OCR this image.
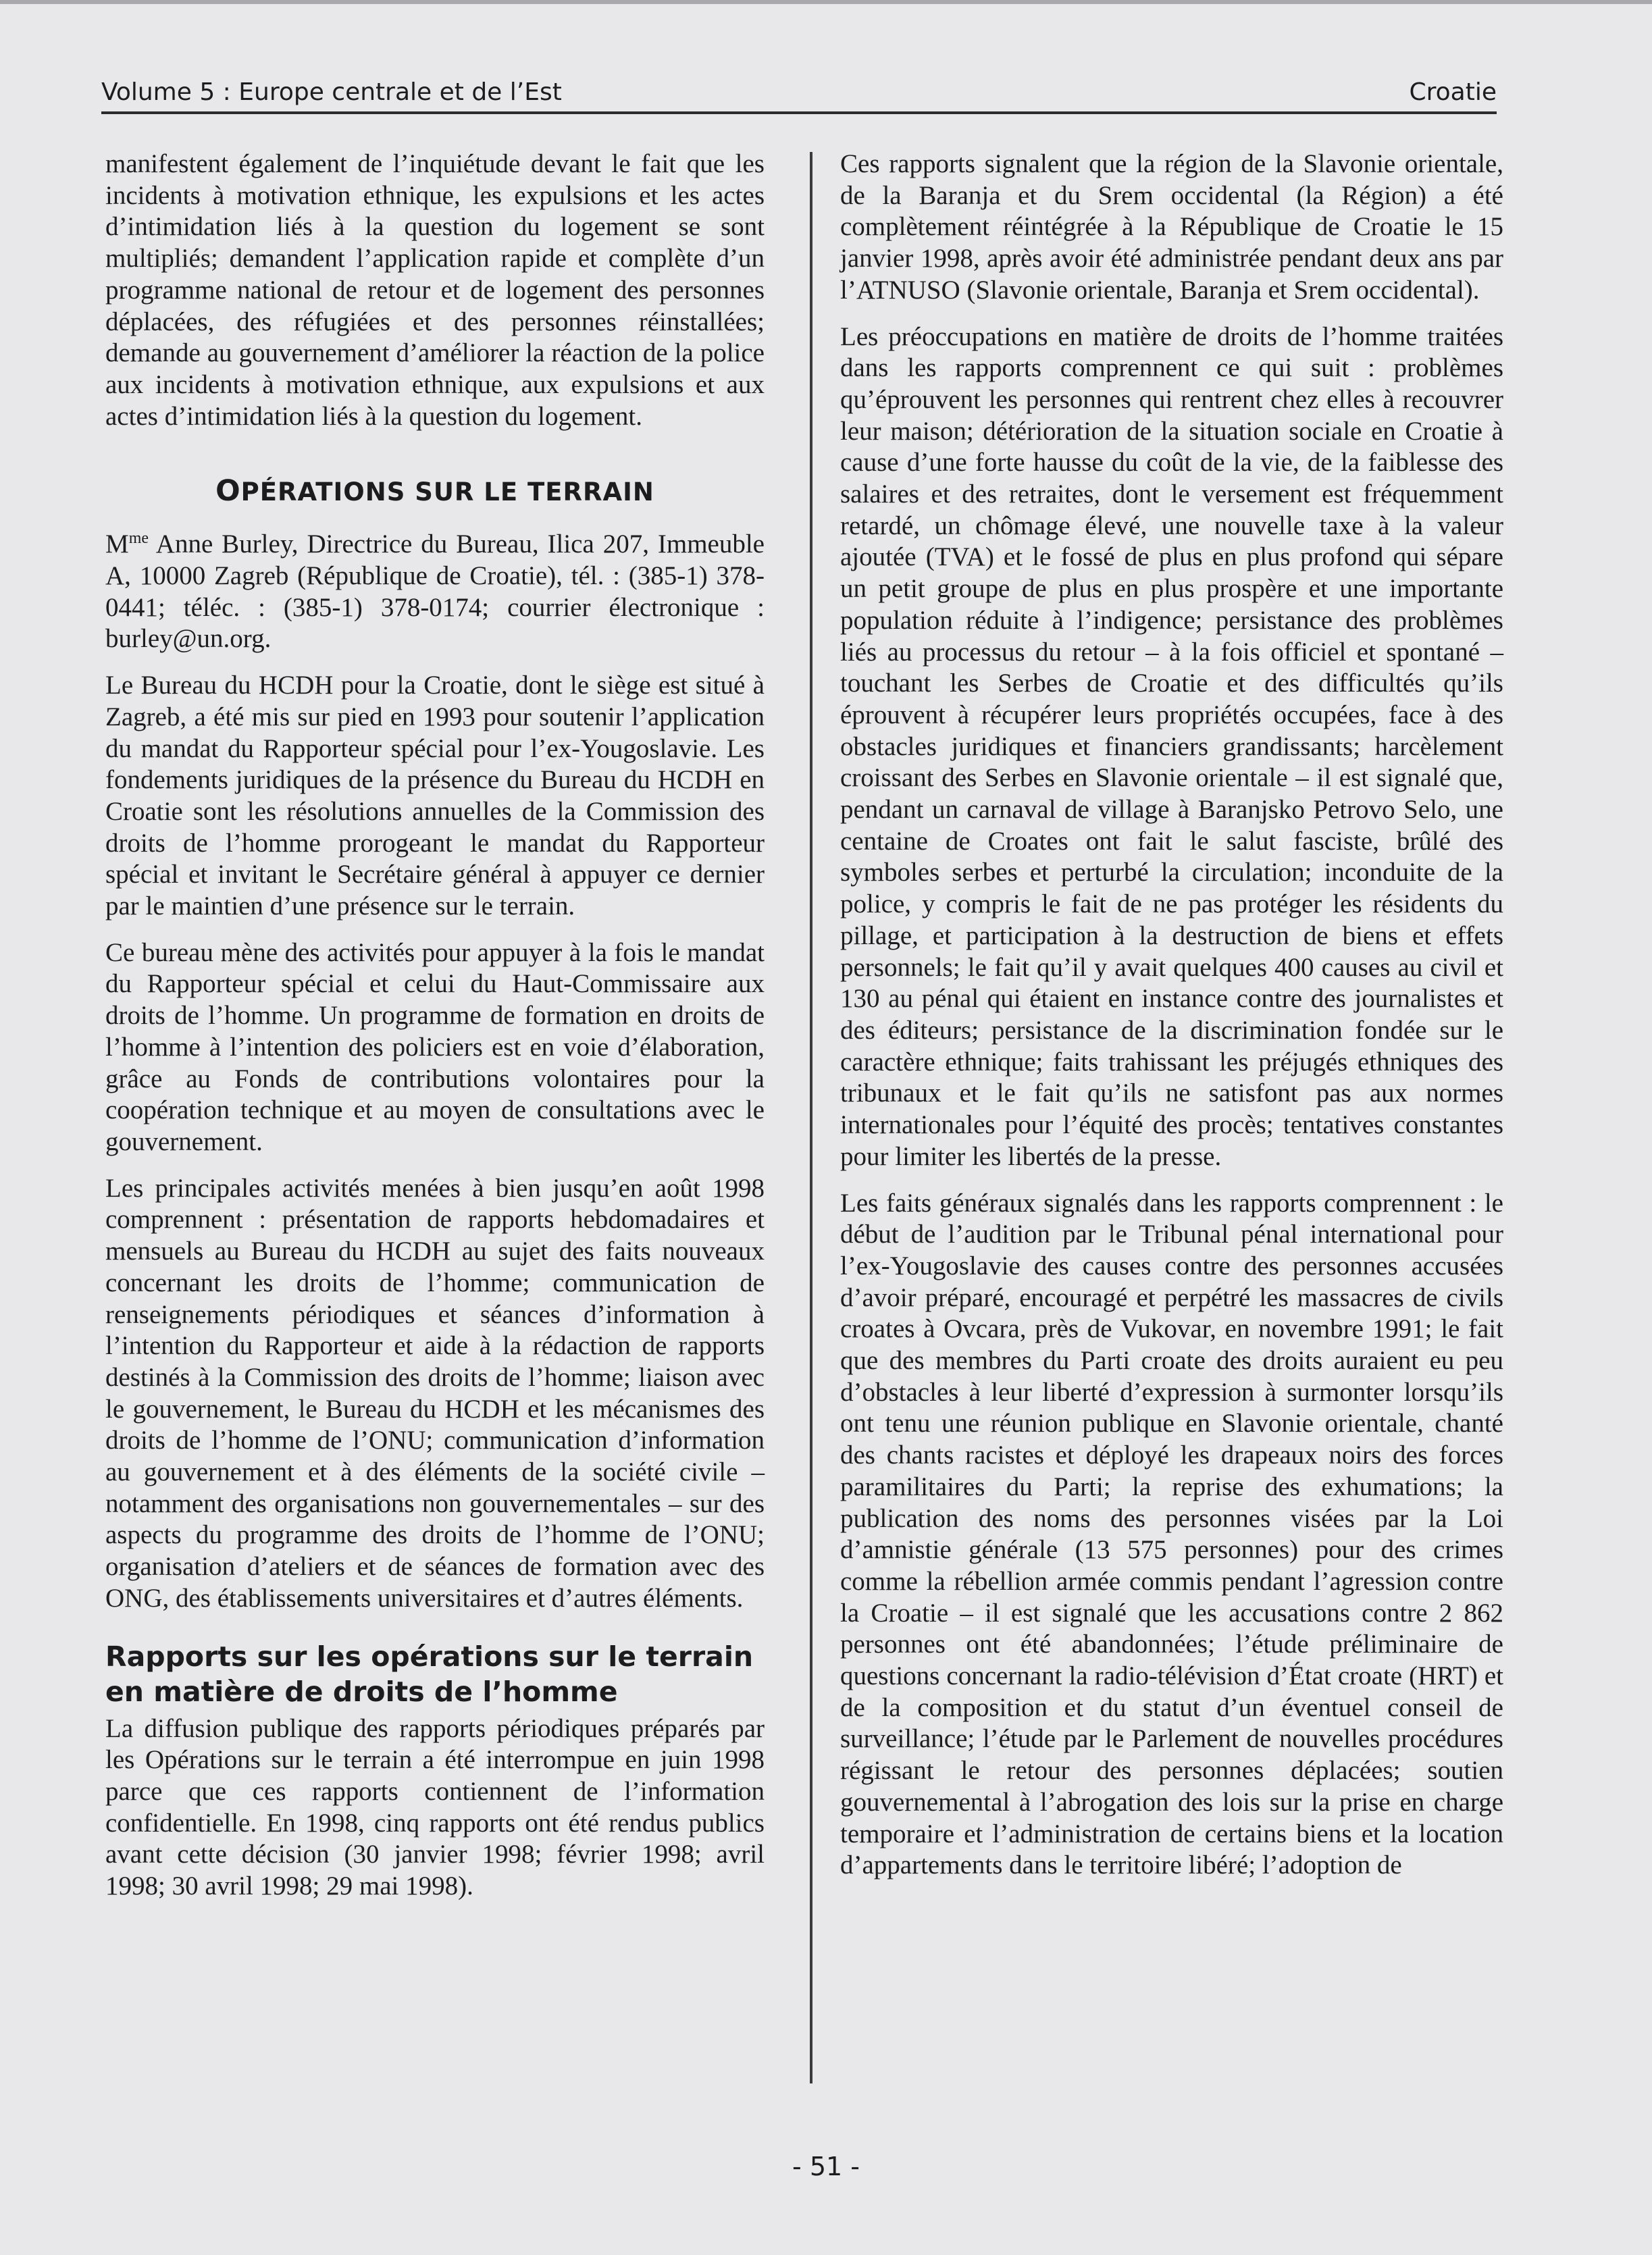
Volume 5 : Europe centrale et de l’Est	Croatie

manifestent également de l’inquiétude devant le fait que les incidents à motivation ethnique, les expulsions et les actes d’intimidation liés à la question du logement se sont multipliés; demandent l’application rapide et complète d’un programme national de retour et de logement des personnes déplacées, des réfugiées et des personnes réinstallées; demande au gouvernement d’améliorer la réaction de la police aux incidents à motivation ethnique, aux expulsions et aux actes d’intimidation liés à la question du logement.

OPÉRATIONS SUR LE TERRAIN

$M^{me}$ Anne Burley, Directrice du Bureau, Ilica 207, Immeuble A, 10000 Zagreb (République de Croatie), tél. : (385-1) 378-0441; téléc. : (385-1) 378-0174; courrier électronique : burley@un.org.

Le Bureau du HCDH pour la Croatie, dont le siège est situé à Zagreb, a été mis sur pied en 1993 pour soutenir l’application du mandat du Rapporteur spécial pour l’ex-Yougoslavie. Les fondements juridiques de la présence du Bureau du HCDH en Croatie sont les résolutions annuelles de la Commission des droits de l’homme prorogeant le mandat du Rapporteur spécial et invitant le Secrétaire général à appuyer ce dernier par le maintien d’une présence sur le terrain.

Ce bureau mène des activités pour appuyer à la fois le mandat du Rapporteur spécial et celui du Haut-Commissaire aux droits de l’homme. Un programme de formation en droits de l’homme à l’intention des policiers est en voie d’élaboration, grâce au Fonds de contributions volontaires pour la coopération technique et au moyen de consultations avec le gouvernement.

Les principales activités menées à bien jusqu’en août 1998 comprennent : présentation de rapports hebdomadaires et mensuels au Bureau du HCDH au sujet des faits nouveaux concernant les droits de l’homme; communication de renseignements périodiques et séances d’information à l’intention du Rapporteur et aide à la rédaction de rapports destinés à la Commission des droits de l’homme; liaison avec le gouvernement, le Bureau du HCDH et les mécanismes des droits de l’homme de l’ONU; communication d’information au gouvernement et à des éléments de la société civile – notamment des organisations non gouvernementales – sur des aspects du programme des droits de l’homme de l’ONU; organisation d’ateliers et de séances de formation avec des ONG, des établissements universitaires et d’autres éléments.

Rapports sur les opérations sur le terrain en matière de droits de l’homme

La diffusion publique des rapports périodiques préparés par les Opérations sur le terrain a été interrompue en juin 1998 parce que ces rapports contiennent de l’information confidentielle. En 1998, cinq rapports ont été rendus publics avant cette décision (30 janvier 1998; février 1998; avril 1998; 30 avril 1998; 29 mai 1998).

Ces rapports signalent que la région de la Slavonie orientale, de la Baranja et du Srem occidental (la Région) a été complètement réintégrée à la République de Croatie le 15 janvier 1998, après avoir été administrée pendant deux ans par l’ATNUSO (Slavonie orientale, Baranja et Srem occidental).

Les préoccupations en matière de droits de l’homme traitées dans les rapports comprennent ce qui suit : problèmes qu’éprouvent les personnes qui rentrent chez elles à recouvrer leur maison; détérioration de la situation sociale en Croatie à cause d’une forte hausse du coût de la vie, de la faiblesse des salaires et des retraites, dont le versement est fréquemment retardé, un chômage élevé, une nouvelle taxe à la valeur ajoutée (TVA) et le fossé de plus en plus profond qui sépare un petit groupe de plus en plus prospère et une importante population réduite à l’indigence; persistance des problèmes liés au processus du retour – à la fois officiel et spontané – touchant les Serbes de Croatie et des difficultés qu’ils éprouvent à récupérer leurs propriétés occupées, face à des obstacles juridiques et financiers grandissants; harcèlement croissant des Serbes en Slavonie orientale – il est signalé que, pendant un carnaval de village à Baranjsko Petrovo Selo, une centaine de Croates ont fait le salut fasciste, brûlé des symboles serbes et perturbé la circulation; inconduite de la police, y compris le fait de ne pas protéger les résidents du pillage, et participation à la destruction de biens et effets personnels; le fait qu’il y avait quelques 400 causes au civil et 130 au pénal qui étaient en instance contre des journalistes et des éditeurs; persistance de la discrimination fondée sur le caractère ethnique; faits trahissant les préjugés ethniques des tribunaux et le fait qu’ils ne satisfont pas aux normes internationales pour l’équité des procès; tentatives constantes pour limiter les libertés de la presse.

Les faits généraux signalés dans les rapports comprennent : le début de l’audition par le Tribunal pénal international pour l’ex-Yougoslavie des causes contre des personnes accusées d’avoir préparé, encouragé et perpétré les massacres de civils croates à Ovcara, près de Vukovar, en novembre 1991; le fait que des membres du Parti croate des droits auraient eu peu d’obstacles à leur liberté d’expression à surmonter lorsqu’ils ont tenu une réunion publique en Slavonie orientale, chanté des chants racistes et déployé les drapeaux noirs des forces paramilitaires du Parti; la reprise des exhumations; la publication des noms des personnes visées par la Loi d’amnistie générale (13 575 personnes) pour des crimes comme la rébellion armée commis pendant l’agression contre la Croatie – il est signalé que les accusations contre 2 862 personnes ont été abandonnées; l’étude préliminaire de questions concernant la radio-télévision d’État croate (HRT) et de la composition et du statut d’un éventuel conseil de surveillance; l’étude par le Parlement de nouvelles procédures régissant le retour des personnes déplacées; soutien gouvernemental à l’abrogation des lois sur la prise en charge temporaire et l’administration de certains biens et la location d’appartements dans le territoire libéré; l’adoption de

- 51 -
